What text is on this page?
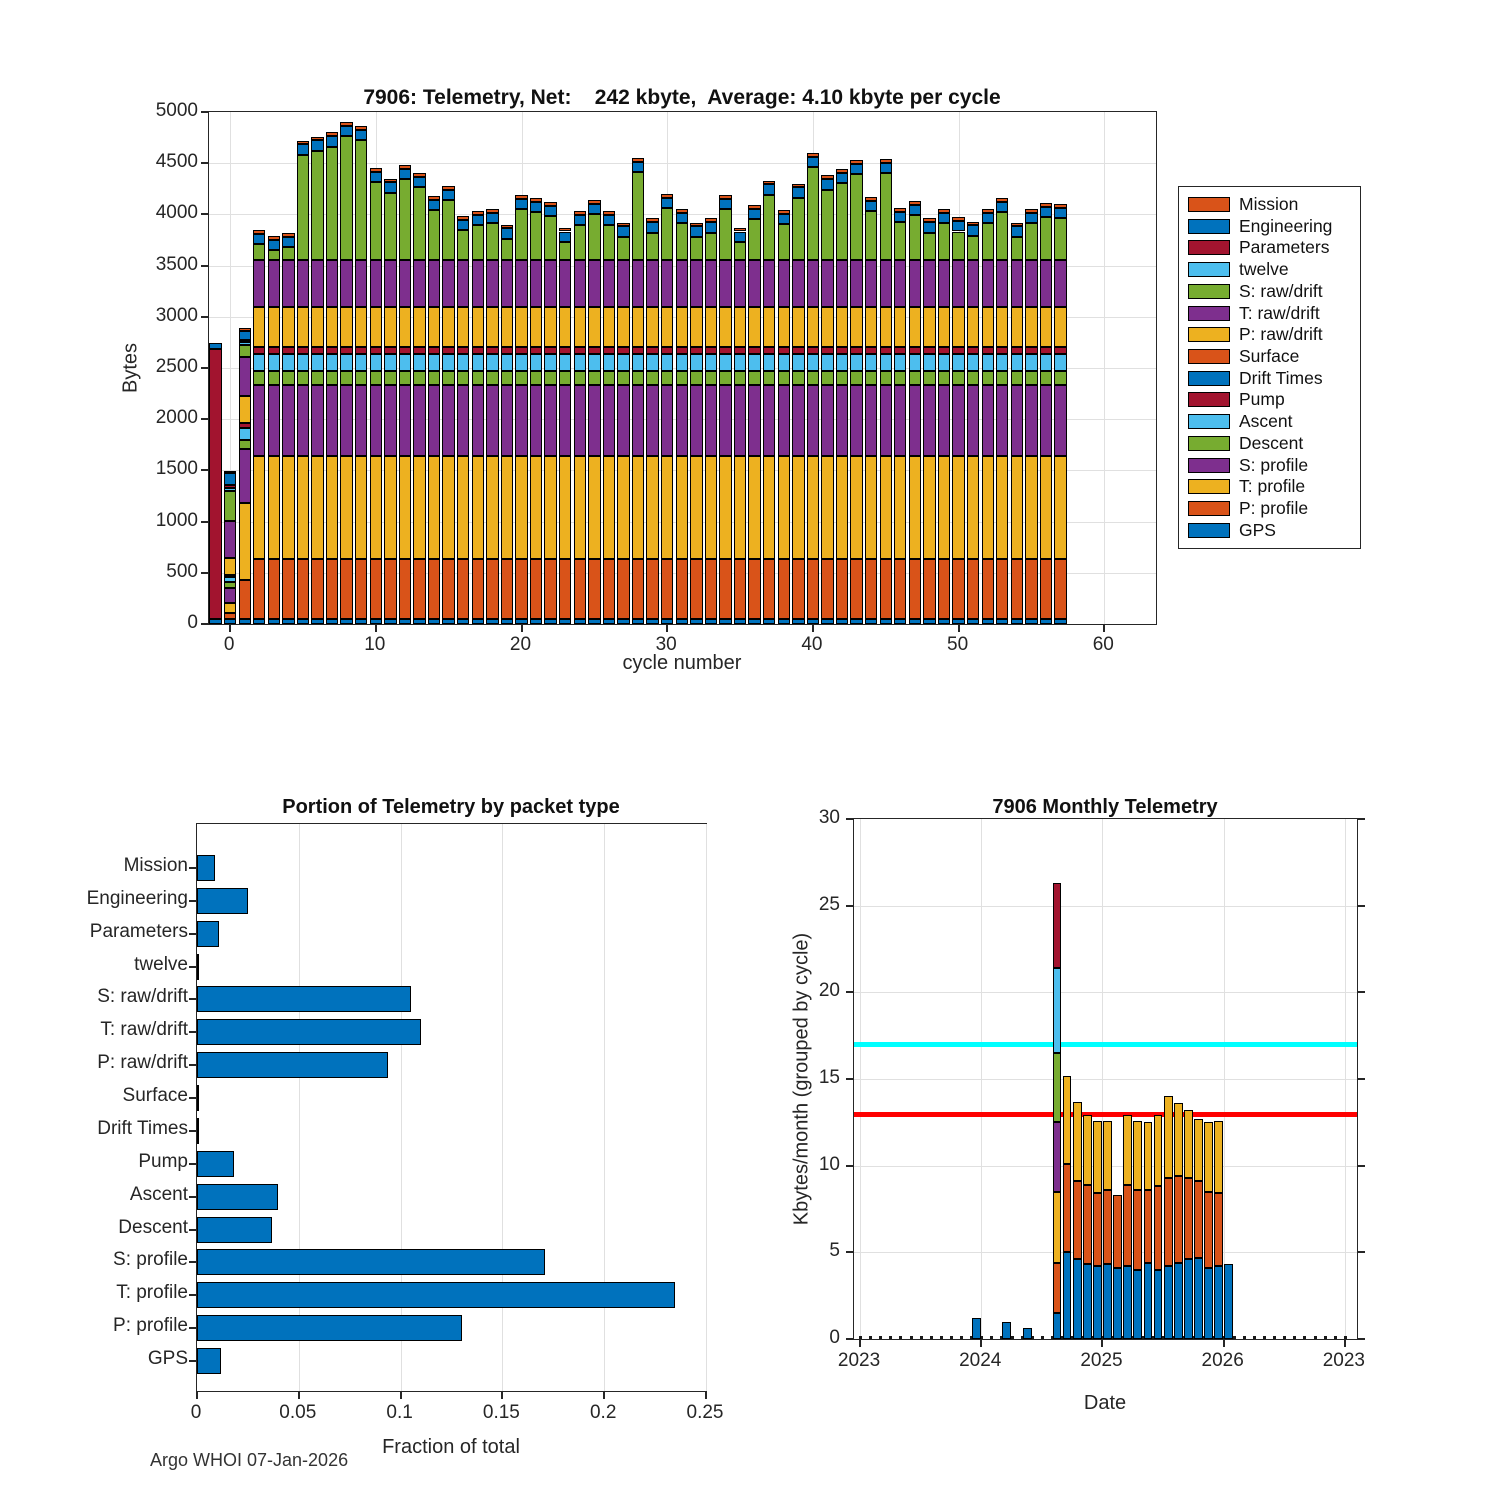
7906: Telemetry, Net:    242 kbyte,  Average: 4.10 kbyte per cycle
Bytes
cycle number
Mission
Engineering
Parameters
twelve
S: raw/drift
T: raw/drift
P: raw/drift
Surface
Drift Times
Pump
Ascent
Descent
S: profile
T: profile
P: profile
GPS
Portion of Telemetry by packet type
Fraction of total
7906 Monthly Telemetry
Kbytes/month (grouped by cycle)
Date
Argo WHOI 07-Jan-2026
0	10	20	30	40	50	60
0
500
1000
1500
2000
2500
3000
3500
4000
4500
5000
0	0.05	0.1	0.15	0.2	0.25
Mission
Engineering
Parameters
twelve
S: raw/drift
T: raw/drift
P: raw/drift
Surface
Drift Times
Pump
Ascent
Descent
S: profile
T: profile
P: profile
GPS	2023	2024	2025	2026	2023
0
5
10
15
20
25
30
